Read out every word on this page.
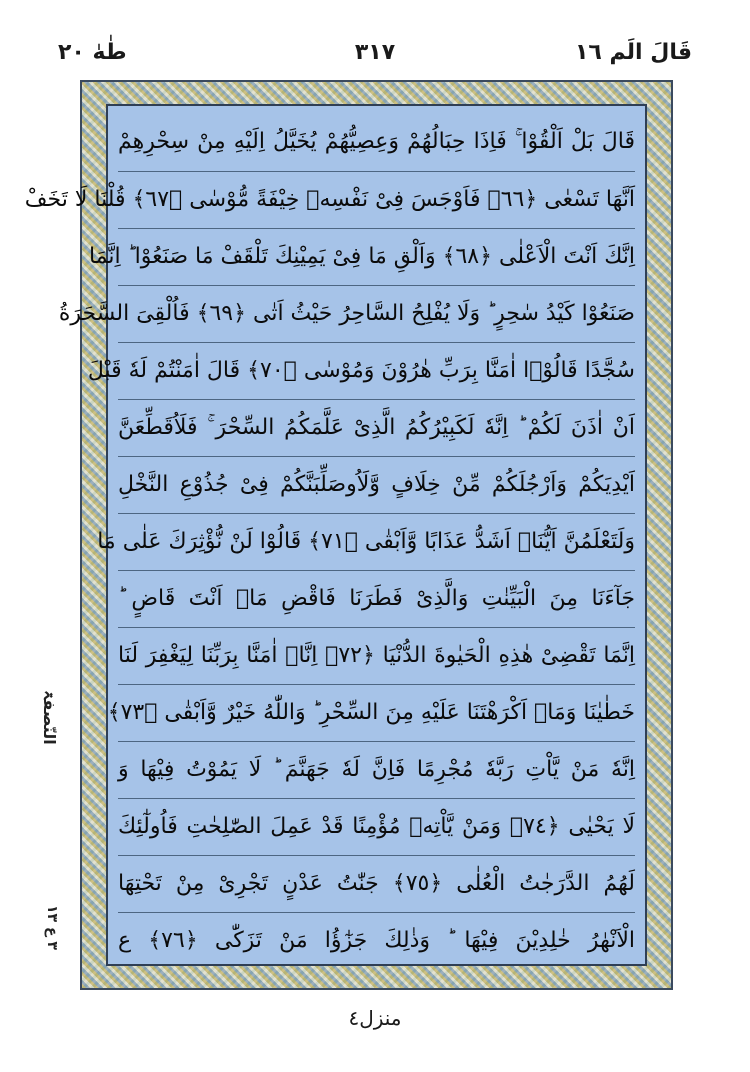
طٰهٰ ٢٠	٣١٧	قَالَ الَم ١٦
قَالَ بَلْ اَلْقُوْا ۚ فَاِذَا حِبَالُهُمْ وَعِصِيُّهُمْ يُخَيَّلُ اِلَيْهِ مِنْ سِحْرِهِمْ
اَنَّهَا تَسْعٰى ﴿٦٦﴾ فَاَوْجَسَ فِیْ نَفْسِهٖ خِيْفَةً مُّوْسٰى ﴿٦٧﴾ قُلْنَا لَا تَخَفْ
اِنَّكَ اَنْتَ الْاَعْلٰى ﴿٦٨﴾ وَاَلْقِ مَا فِیْ يَمِيْنِكَ تَلْقَفْ مَا صَنَعُوْا ؕ اِنَّمَا
صَنَعُوْا كَيْدُ سٰحِرٍ ؕ وَلَا يُفْلِحُ السَّاحِرُ حَيْثُ اَتٰى ﴿٦٩﴾ فَاُلْقِیَ السَّحَرَةُ
سُجَّدًا قَالُوْۤا اٰمَنَّا بِرَبِّ هٰرُوْنَ وَمُوْسٰى ﴿٧٠﴾ قَالَ اٰمَنْتُمْ لَهٗ قَبْلَ
اَنْ اٰذَنَ لَكُمْ ؕ اِنَّهٗ لَكَبِيْرُكُمُ الَّذِیْ عَلَّمَكُمُ السِّحْرَ ۚ فَلَاُقَطِّعَنَّ
اَيْدِيَكُمْ وَاَرْجُلَكُمْ مِّنْ خِلَافٍ وَّلَاُوصَلِّبَنَّكُمْ فِیْ جُذُوْعِ النَّخْلِ
وَلَتَعْلَمُنَّ اَيُّنَاۤ اَشَدُّ عَذَابًا وَّاَبْقٰى ﴿٧١﴾ قَالُوْا لَنْ نُّؤْثِرَكَ عَلٰى مَا
جَآءَنَا مِنَ الْبَيِّنٰتِ وَالَّذِیْ فَطَرَنَا فَاقْضِ مَاۤ اَنْتَ قَاضٍ ؕ
اِنَّمَا تَقْضِیْ هٰذِهِ الْحَيٰوةَ الدُّنْيَا ﴿٧٢﴾ اِنَّاۤ اٰمَنَّا بِرَبِّنَا لِيَغْفِرَ لَنَا
خَطٰيٰنَا وَمَاۤ اَكْرَهْتَنَا عَلَيْهِ مِنَ السِّحْرِ ؕ وَاللّٰهُ خَيْرٌ وَّاَبْقٰى ﴿٧٣﴾
اِنَّهٗ مَنْ يَّاْتِ رَبَّهٗ مُجْرِمًا فَاِنَّ لَهٗ جَهَنَّمَ ؕ لَا يَمُوْتُ فِيْهَا وَ
لَا يَحْيٰى ﴿٧٤﴾ وَمَنْ يَّاْتِهٖ مُؤْمِنًا قَدْ عَمِلَ الصّٰلِحٰتِ فَاُولٰٓئِكَ
لَهُمُ الدَّرَجٰتُ الْعُلٰى ﴿٧٥﴾ جَنّٰتُ عَدْنٍ تَجْرِیْ مِنْ تَحْتِهَا
الْاَنْهٰرُ خٰلِدِيْنَ فِيْهَا ؕ وَذٰلِكَ جَزٰٓؤُا مَنْ تَزَكّٰى ﴿٧٦﴾ ع
النّصفۃ
٣ ع ١٣
منزل٤
